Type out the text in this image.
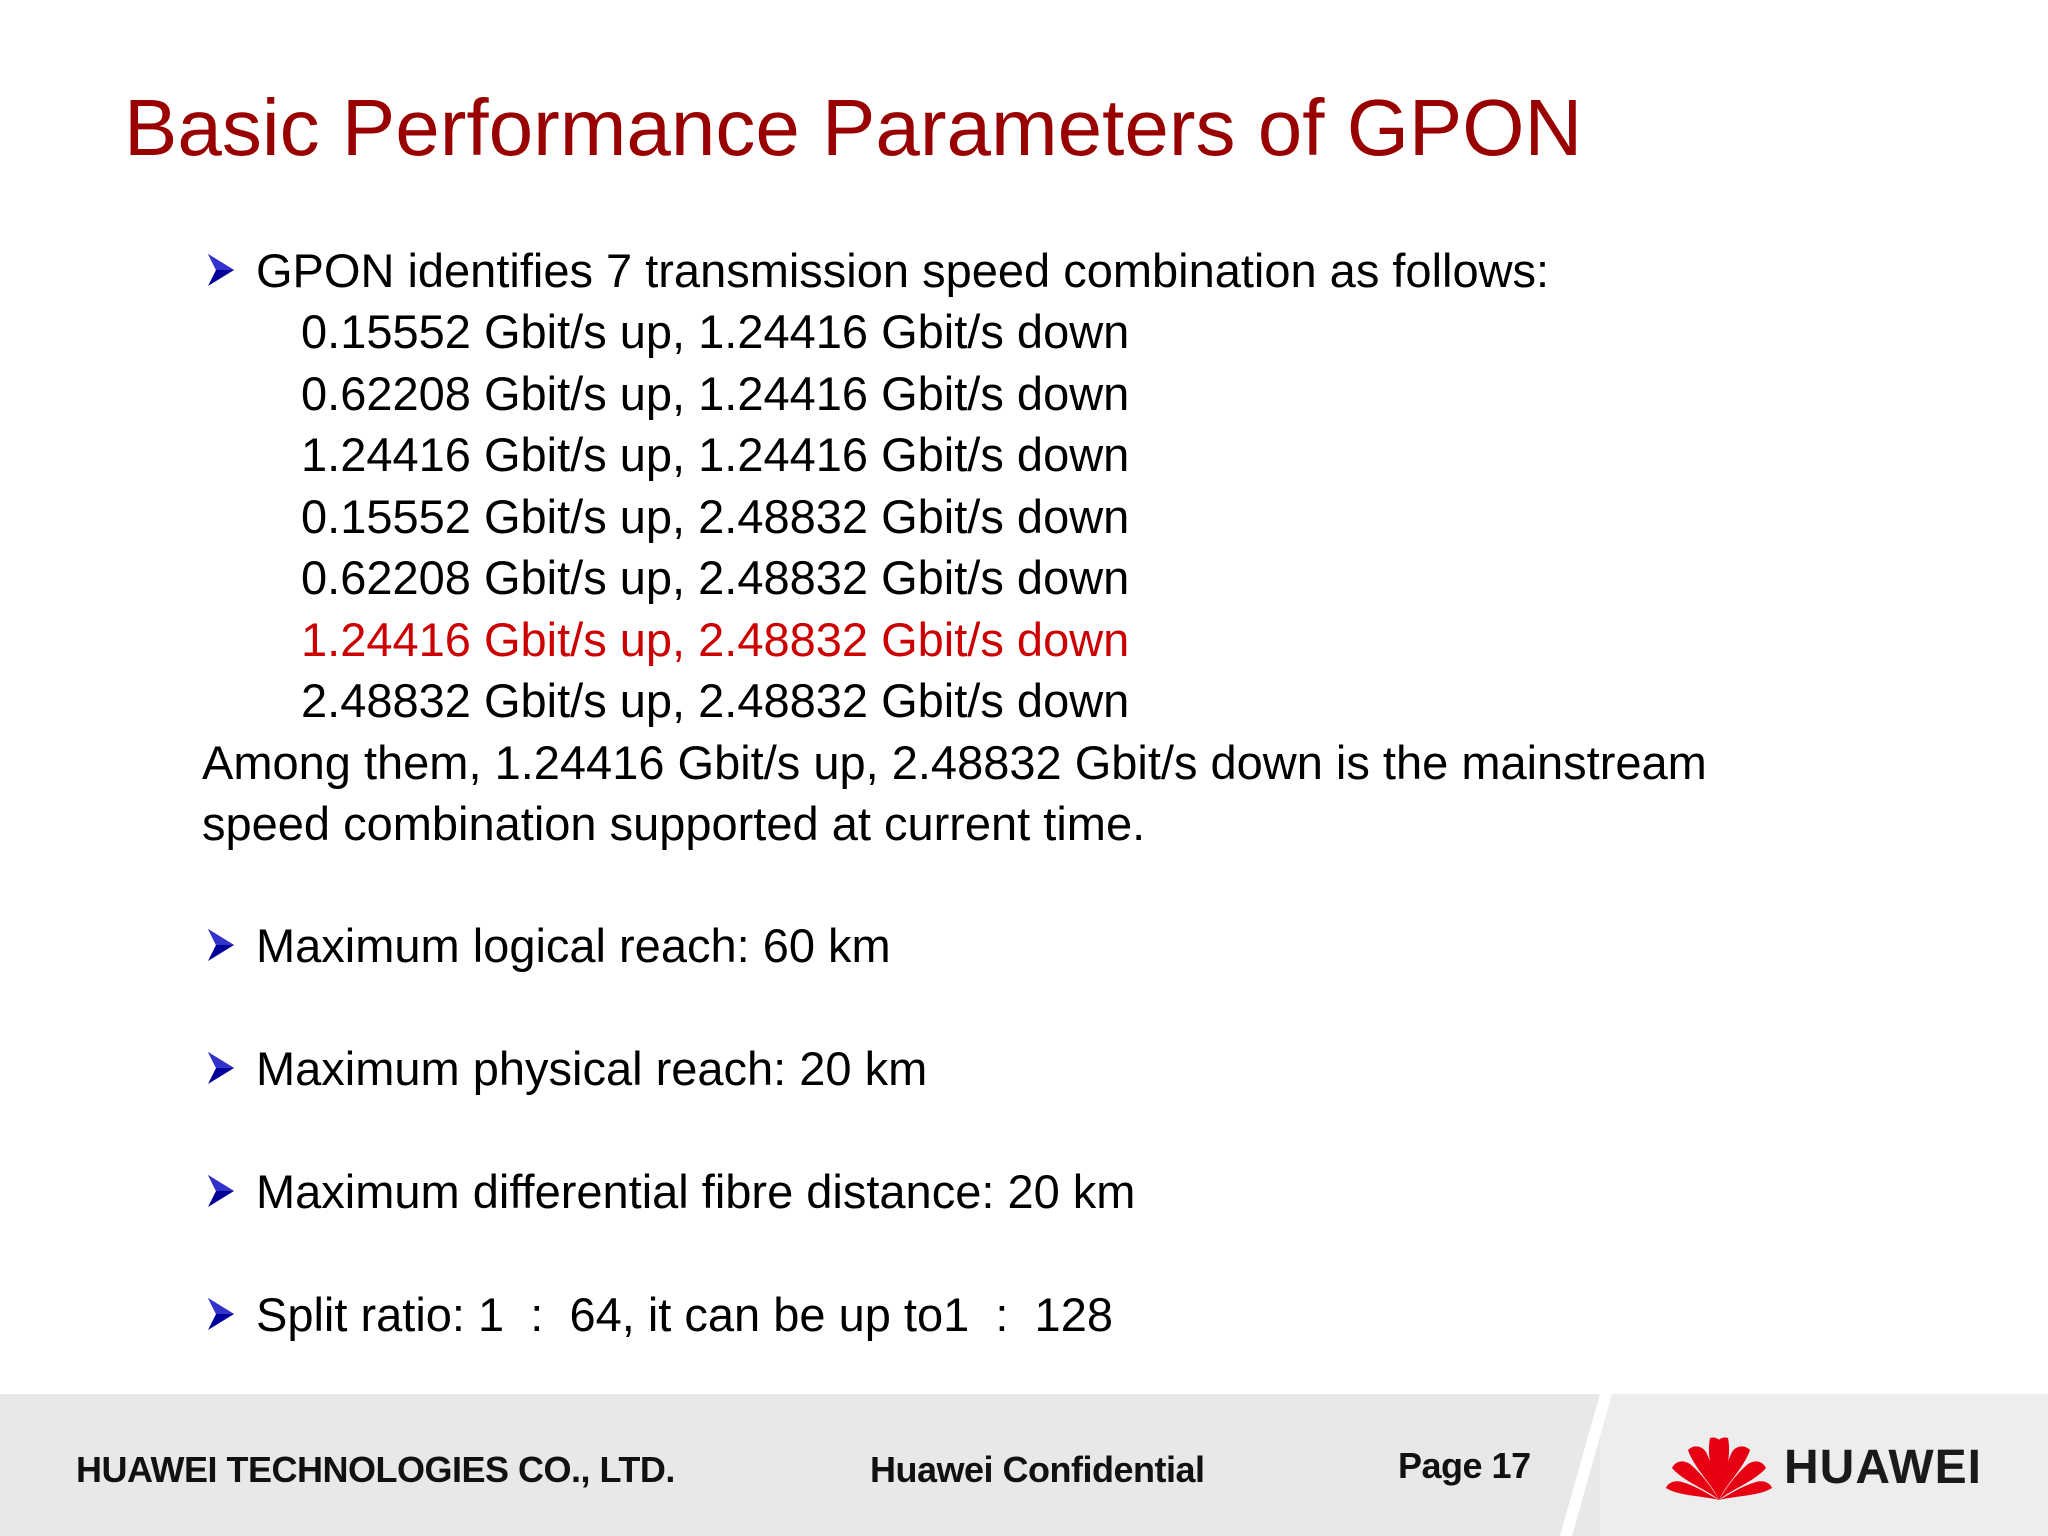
Basic Performance Parameters of GPON
GPON identifies 7 transmission speed combination as follows:
0.15552 Gbit/s up, 1.24416 Gbit/s down
0.62208 Gbit/s up, 1.24416 Gbit/s down
1.24416 Gbit/s up, 1.24416 Gbit/s down
0.15552 Gbit/s up, 2.48832 Gbit/s down
0.62208 Gbit/s up, 2.48832 Gbit/s down
1.24416 Gbit/s up, 2.48832 Gbit/s down
2.48832 Gbit/s up, 2.48832 Gbit/s down
Among them, 1.24416 Gbit/s up, 2.48832 Gbit/s down is the mainstream
speed combination supported at current time.
Maximum logical reach: 60 km
Maximum physical reach: 20 km
Maximum differential fibre distance: 20 km
Split ratio: 1  :  64, it can be up to1  :  128
HUAWEI TECHNOLOGIES CO., LTD.	Huawei Confidential	Page 17	HUAWEI
